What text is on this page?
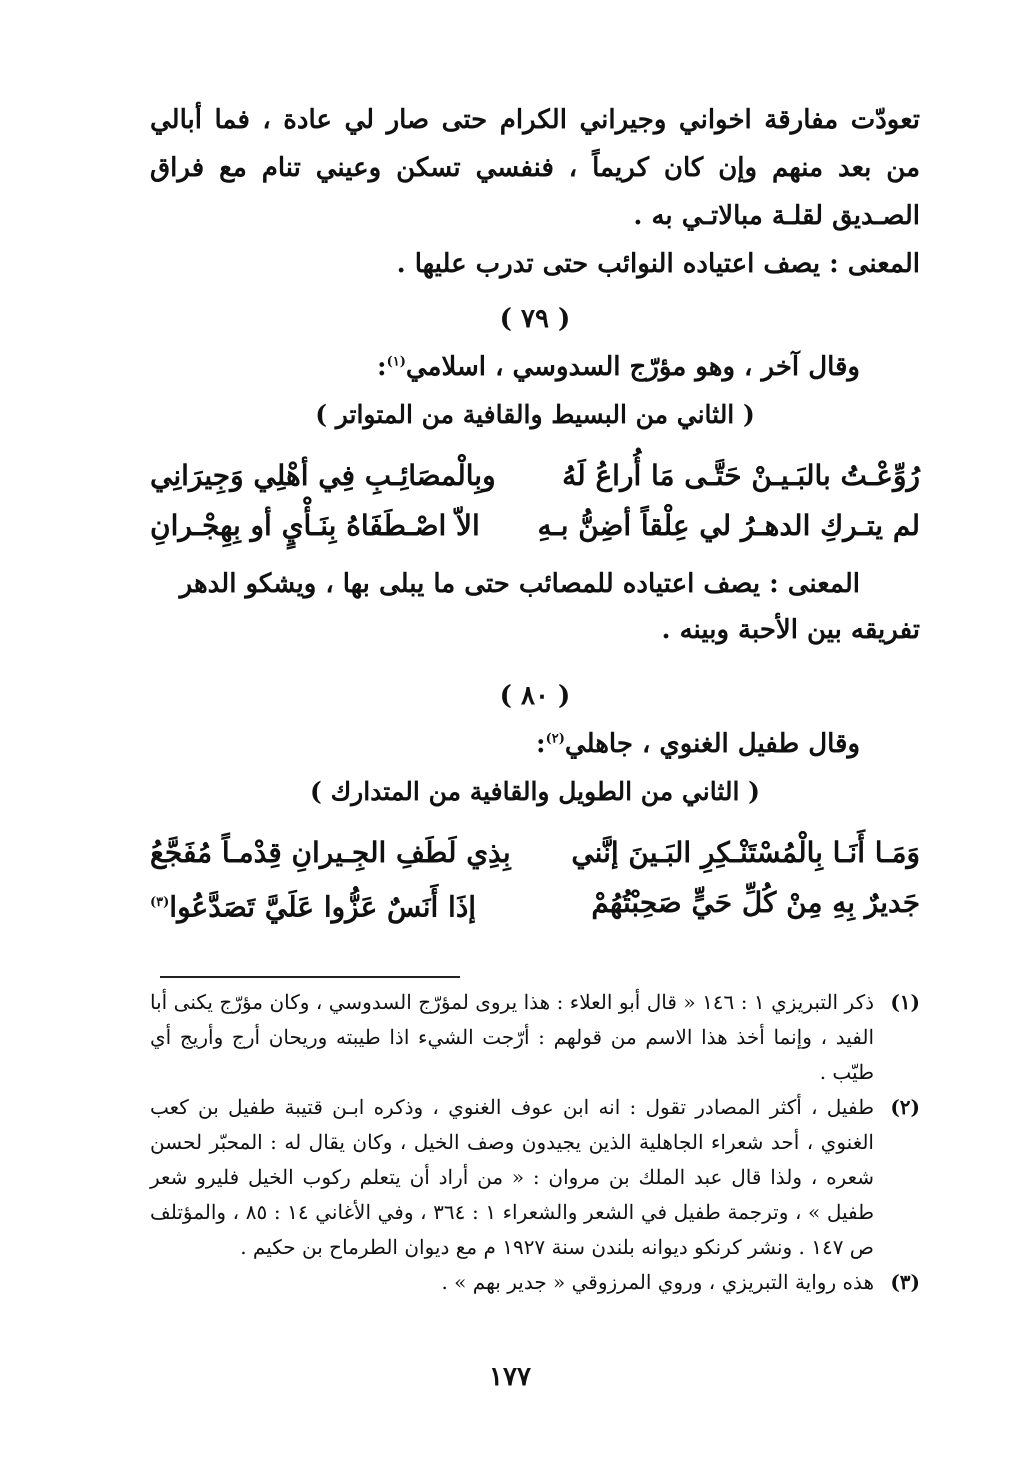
تعودّت مفارقة اخواني وجيراني الكرام حتى صار لي عادة ، فما أبالي من بعد منهم وإن كان كريماً ، فنفسي تسكن وعيني تنام مع فراق الصـديق لقلـة مبالاتـي به .

المعنى : يصف اعتياده النوائب حتى تدرب عليها .

( ٧٩ )
وقال آخر ، وهو مؤرّج السدوسي ، اسلامي$^{(١)}$:
( الثاني من البسيط والقافية من المتواتر )
رُوِّعْـتُ بالبَـيـنْ حَتَّـى مَا أُراعُ لَهُ
وبِالْمصَائِـبِ فِي أهْلِي وَجِيرَانِي
لم يتـركِ الدهـرُ لي عِلْقاً أضِنُّ بـهِ
الاّ اصْـطَفَاهُ بِنَـأْيٍ أو بِهِجْـرانِ

المعنى : يصف اعتياده للمصائب حتى ما يبلى بها ، ويشكو الدهر تفريقه بين الأحبة وبينه .

( ٨٠ )
وقال طفيل الغنوي ، جاهلي$^{(٢)}$:
( الثاني من الطويل والقافية من المتدارك )
وَمَـا أَنَـا بِالْمُسْتَنْـكِرِ البَـينَ إنَّني
بِذِي لَطَفِ الجِـيرانِ قِدْمـاً مُفَجَّعُ
جَديرٌ بِهِ مِنْ كُلِّ حَيٍّ صَحِبْتُهُمْ
إذَا أَنَسٌ عَزُّوا عَلَيَّ تَصَدَّعُوا$^{(٣)}$
(١)
ذكر التبريزي ١ : ١٤٦ « قال أبو العلاء : هذا يروى لمؤرّج السدوسي ، وكان مؤرّج يكنى أبا الفيد ، وإنما أخذ هذا الاسم من قولهم : أرّجت الشيء اذا طيبته وريحان أرج وأريج أي طيّب .
(٢)
طفيل ، أكثر المصادر تقول : انه ابن عوف الغنوي ، وذكره ابـن قتيبة طفيل بن كعب الغنوي ، أحد شعراء الجاهلية الذين يجيدون وصف الخيل ، وكان يقال له : المحبّر لحسن شعره ، ولذا قال عبد الملك بن مروان : « من أراد أن يتعلم ركوب الخيل فليرو شعر طفيل » ، وترجمة طفيل في الشعر والشعراء ١ : ٣٦٤ ، وفي الأغاني ١٤ : ٨٥ ، والمؤتلف ص ١٤٧ . ونشر كرنكو ديوانه بلندن سنة ١٩٢٧ م مع ديوان الطرماح بن حكيم .
(٣)
هذه رواية التبريزي ، وروي المرزوقي « جدير بهم » .
١٧٧
